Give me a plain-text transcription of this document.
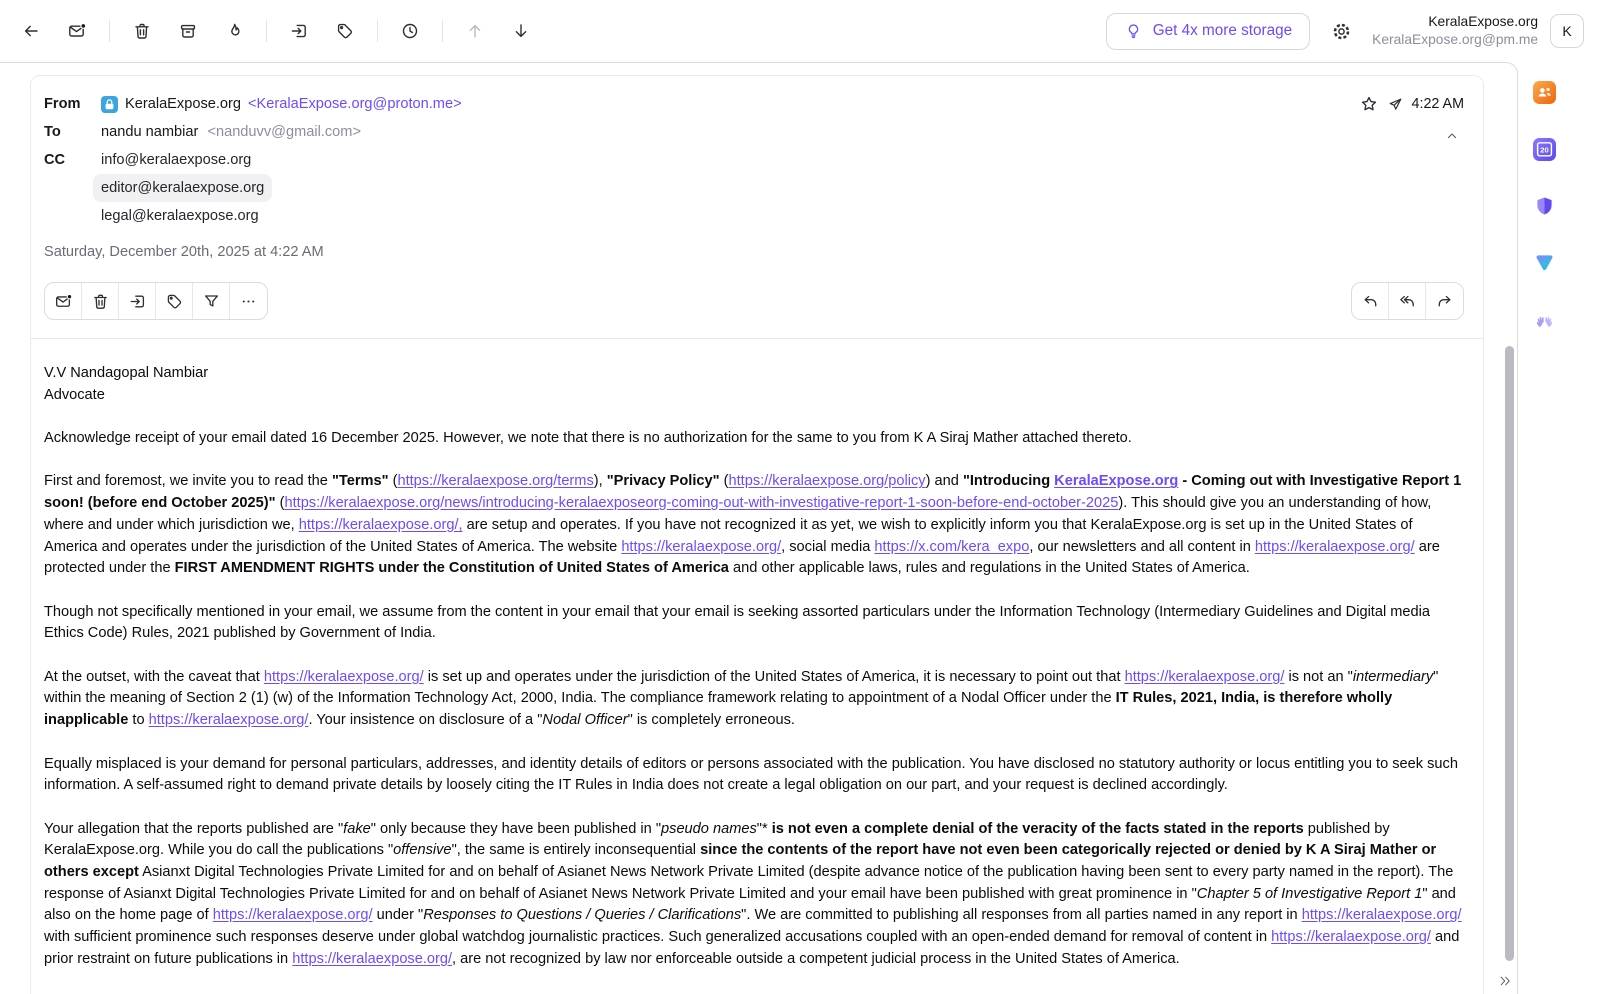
Get 4x more storage
KeralaExpose.org
KeralaExpose.org@pm.me
K
20
From	KeralaExpose.org <KeralaExpose.org@proton.me>	4:22 AM
To	nandu nambiar <nanduvv@gmail.com>
CC	info@keralaexpose.org
editor@keralaexpose.org
legal@keralaexpose.org
Saturday, December 20th, 2025 at 4:22 AM

V.V Nandagopal Nambiar
Advocate

Acknowledge receipt of your email dated 16 December 2025. However, we note that there is no authorization for the same to you from K A Siraj Mather attached thereto.

First and foremost, we invite you to read the "Terms" (https://keralaexpose.org/terms), "Privacy Policy" (https://keralaexpose.org/policy) and "Introducing KeralaExpose.org - Coming out with Investigative Report 1 soon! (before end October 2025)" (https://keralaexpose.org/news/introducing-keralaexposeorg-coming-out-with-investigative-report-1-soon-before-end-october-2025). This should give you an understanding of how, where and under which jurisdiction we, https://keralaexpose.org/, are setup and operates. If you have not recognized it as yet, we wish to explicitly inform you that KeralaExpose.org is set up in the United States of America and operates under the jurisdiction of the United States of America. The website https://keralaexpose.org/, social media https://x.com/kera_expo, our newsletters and all content in https://keralaexpose.org/ are protected under the FIRST AMENDMENT RIGHTS under the Constitution of United States of America and other applicable laws, rules and regulations in the United States of America.

Though not specifically mentioned in your email, we assume from the content in your email that your email is seeking assorted particulars under the Information Technology (Intermediary Guidelines and Digital media Ethics Code) Rules, 2021 published by Government of India.

At the outset, with the caveat that https://keralaexpose.org/ is set up and operates under the jurisdiction of the United States of America, it is necessary to point out that https://keralaexpose.org/ is not an "intermediary" within the meaning of Section 2 (1) (w) of the Information Technology Act, 2000, India. The compliance framework relating to appointment of a Nodal Officer under the IT Rules, 2021, India, is therefore wholly inapplicable to https://keralaexpose.org/. Your insistence on disclosure of a "Nodal Officer" is completely erroneous.

Equally misplaced is your demand for personal particulars, addresses, and identity details of editors or persons associated with the publication. You have disclosed no statutory authority or locus entitling you to seek such information. A self-assumed right to demand private details by loosely citing the IT Rules in India does not create a legal obligation on our part, and your request is declined accordingly.

Your allegation that the reports published are "fake" only because they have been published in "pseudo names"* is not even a complete denial of the veracity of the facts stated in the reports published by KeralaExpose.org. While you do call the publications "offensive", the same is entirely inconsequential since the contents of the report have not even been categorically rejected or denied by K A Siraj Mather or others except Asianxt Digital Technologies Private Limited for and on behalf of Asianet News Network Private Limited (despite advance notice of the publication having been sent to every party named in the report). The response of Asianxt Digital Technologies Private Limited for and on behalf of Asianet News Network Private Limited and your email have been published with great prominence in "Chapter 5 of Investigative Report 1" and also on the home page of https://keralaexpose.org/ under "Responses to Questions / Queries / Clarifications". We are committed to publishing all responses from all parties named in any report in https://keralaexpose.org/ with sufficient prominence such responses deserve under global watchdog journalistic practices. Such generalized accusations coupled with an open-ended demand for removal of content in https://keralaexpose.org/ and prior restraint on future publications in https://keralaexpose.org/, are not recognized by law nor enforceable outside a competent judicial process in the United States of America.
